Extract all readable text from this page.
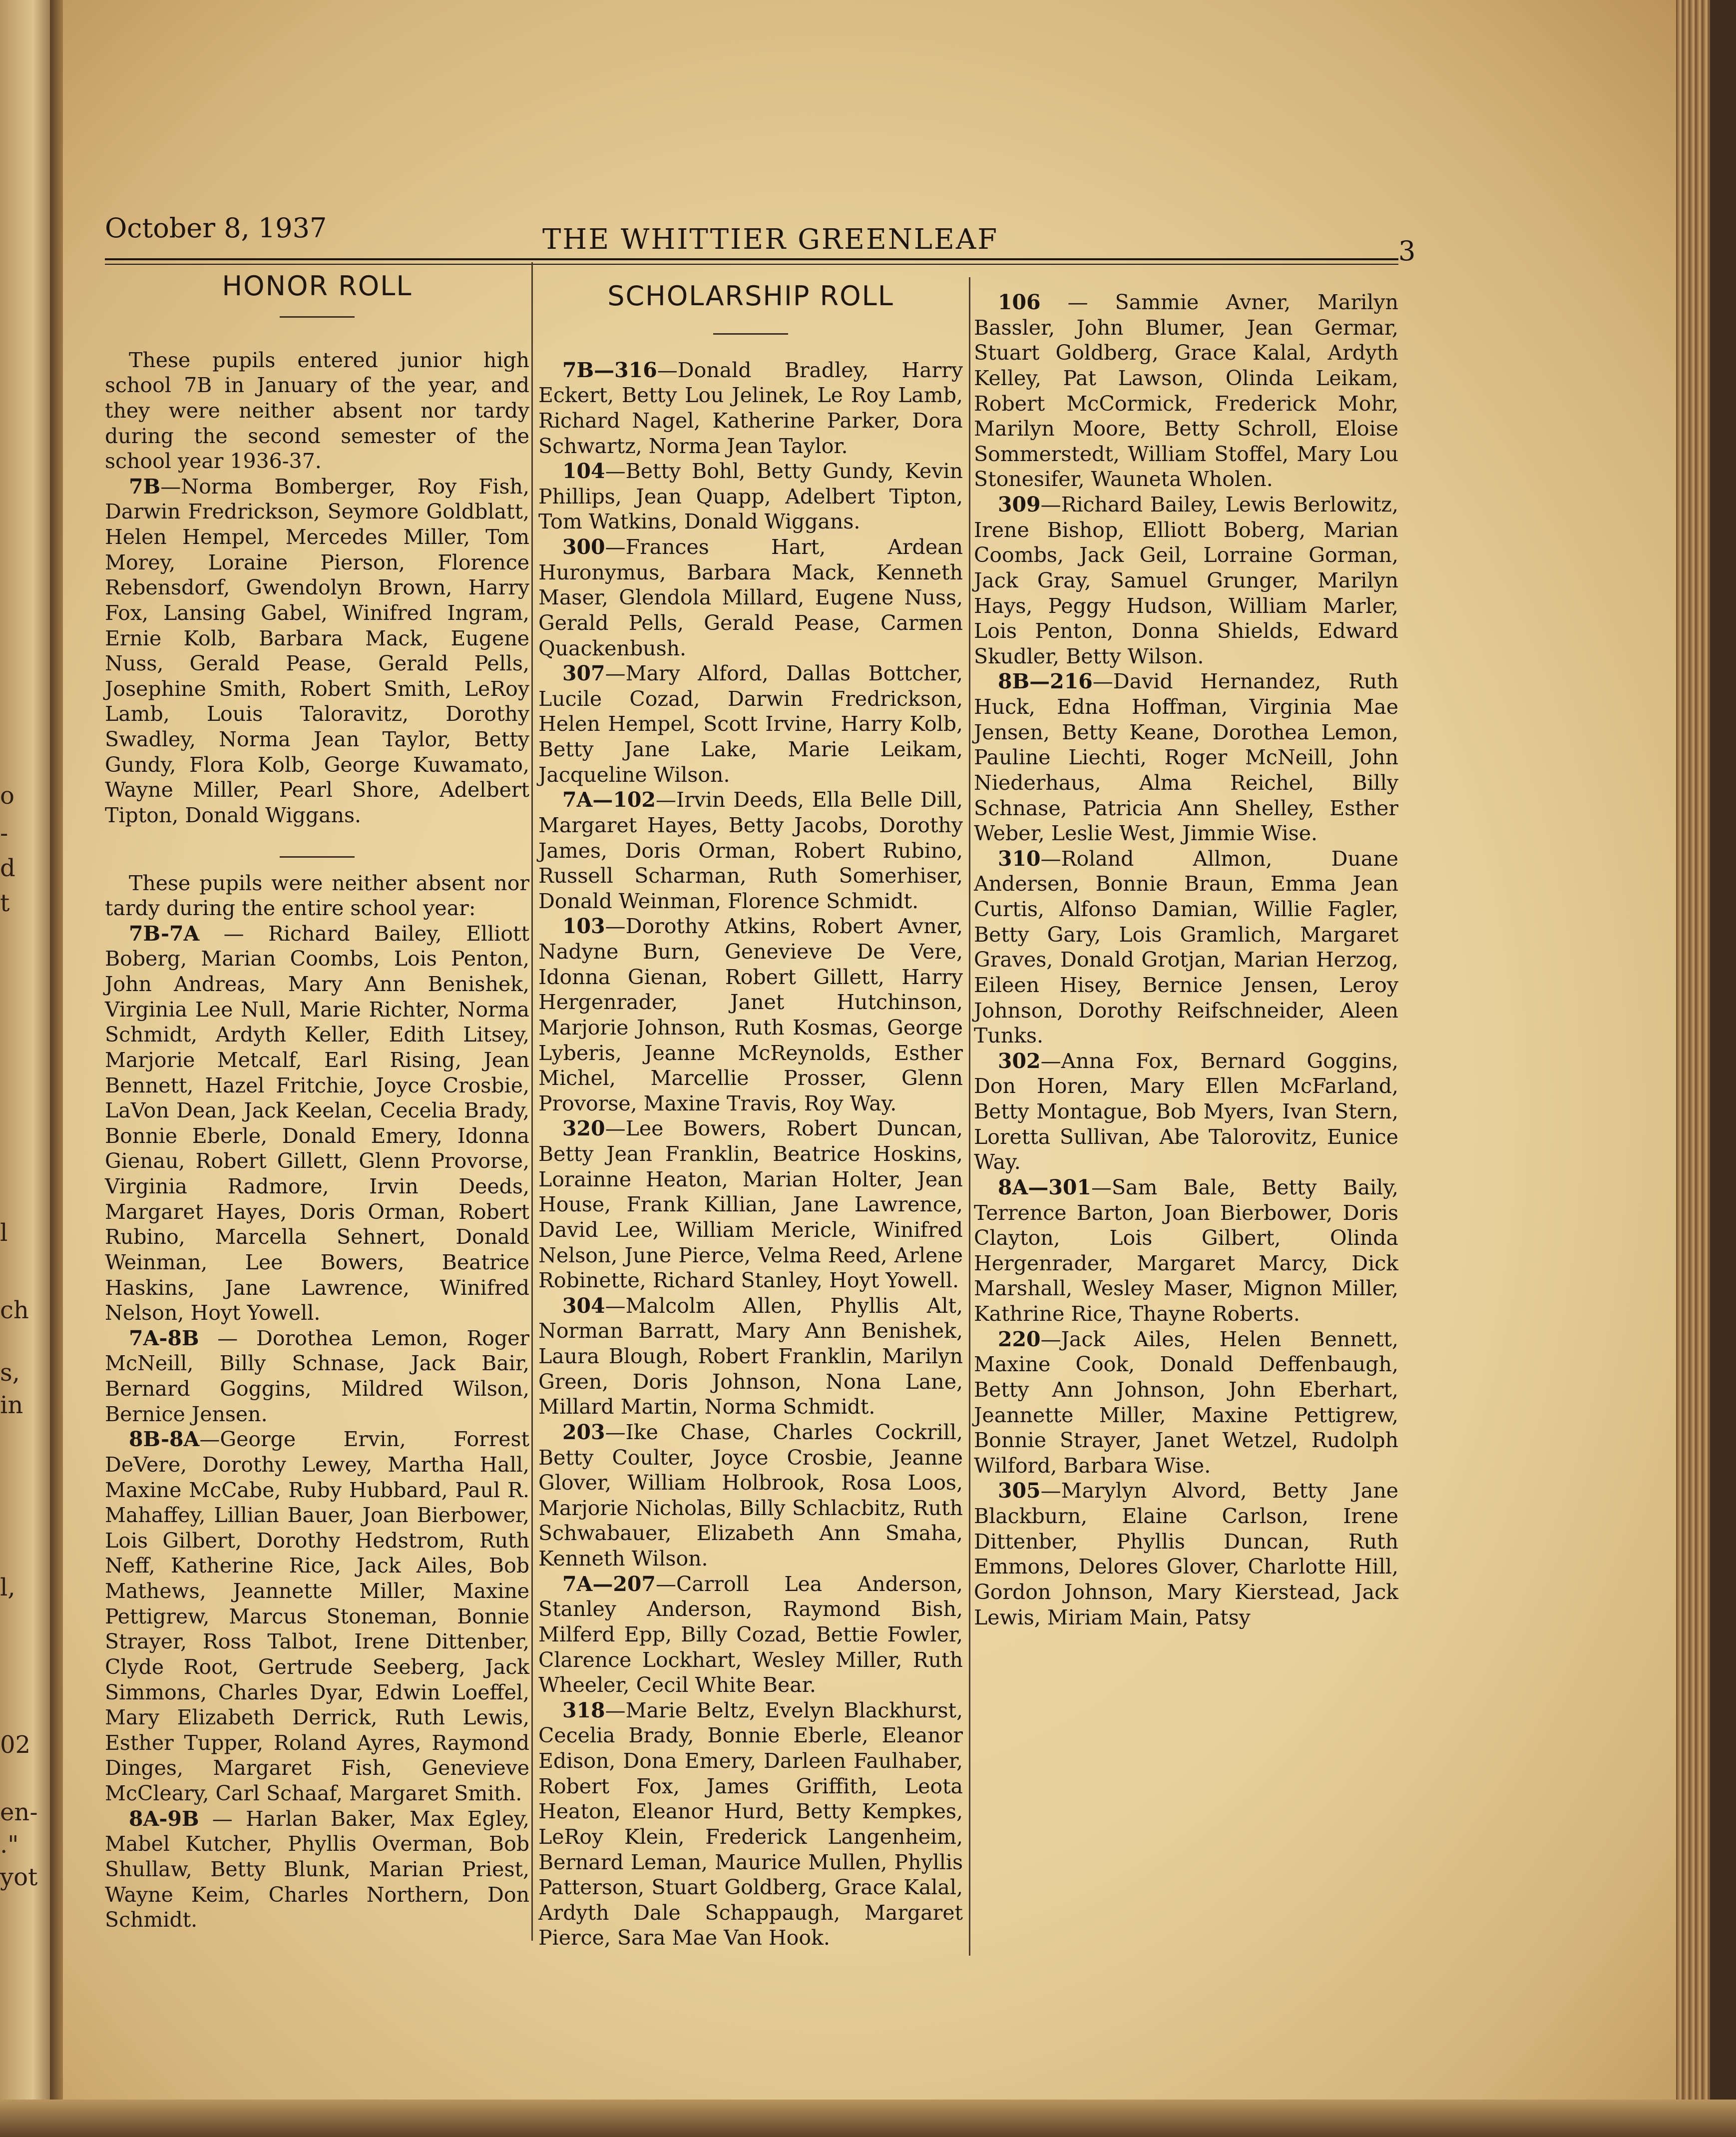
o
-
d
t
l
ch
s,
in
l,
02
en-
."
yot
October 8, 1937	THE WHITTIER GREENLEAF	3
HONOR ROLL

These pupils entered junior high school 7B in January of the year, and they were neither absent nor tardy during the second semester of the school year 1936-37.

7B—Norma Bomberger, Roy Fish, Darwin Fredrickson, Seymore Goldblatt, Helen Hempel, Mercedes Miller, Tom Morey, Loraine Pierson, Florence Rebensdorf, Gwendolyn Brown, Harry Fox, Lansing Gabel, Winifred Ingram, Ernie Kolb, Barbara Mack, Eugene Nuss, Gerald Pease, Gerald Pells, Josephine Smith, Robert Smith, LeRoy Lamb, Louis Taloravitz, Dorothy Swadley, Norma Jean Taylor, Betty Gundy, Flora Kolb, George Kuwamato, Wayne Miller, Pearl Shore, Adelbert Tipton, Donald Wiggans.

These pupils were neither absent nor tardy during the entire school year:

7B-7A — Richard Bailey, Elliott Boberg, Marian Coombs, Lois Penton, John Andreas, Mary Ann Benishek, Virginia Lee Null, Marie Richter, Norma Schmidt, Ardyth Keller, Edith Litsey, Marjorie Metcalf, Earl Rising, Jean Bennett, Hazel Fritchie, Joyce Crosbie, LaVon Dean, Jack Keelan, Cecelia Brady, Bonnie Eberle, Donald Emery, Idonna Gienau, Robert Gillett, Glenn Provorse, Virginia Radmore, Irvin Deeds, Margaret Hayes, Doris Orman, Robert Rubino, Marcella Sehnert, Donald Weinman, Lee Bowers, Beatrice Haskins, Jane Lawrence, Winifred Nelson, Hoyt Yowell.

7A-8B — Dorothea Lemon, Roger McNeill, Billy Schnase, Jack Bair, Bernard Goggins, Mildred Wilson, Bernice Jensen.

8B-8A—George Ervin, Forrest DeVere, Dorothy Lewey, Martha Hall, Maxine McCabe, Ruby Hubbard, Paul R. Mahaffey, Lillian Bauer, Joan Bierbower, Lois Gilbert, Dorothy Hedstrom, Ruth Neff, Katherine Rice, Jack Ailes, Bob Mathews, Jeannette Miller, Maxine Pettigrew, Marcus Stoneman, Bonnie Strayer, Ross Talbot, Irene Dittenber, Clyde Root, Gertrude Seeberg, Jack Simmons, Charles Dyar, Edwin Loeffel, Mary Elizabeth Derrick, Ruth Lewis, Esther Tupper, Roland Ayres, Raymond Dinges, Margaret Fish, Genevieve McCleary, Carl Schaaf, Margaret Smith.

8A-9B — Harlan Baker, Max Egley, Mabel Kutcher, Phyllis Overman, Bob Shullaw, Betty Blunk, Marian Priest, Wayne Keim, Charles Northern, Don Schmidt.

SCHOLARSHIP ROLL

7B—316—Donald Bradley, Harry Eckert, Betty Lou Jelinek, Le Roy Lamb, Richard Nagel, Katherine Parker, Dora Schwartz, Norma Jean Taylor.

104—Betty Bohl, Betty Gundy, Kevin Phillips, Jean Quapp, Adelbert Tipton, Tom Watkins, Donald Wiggans.

300—Frances Hart, Ardean Huronymus, Barbara Mack, Kenneth Maser, Glendola Millard, Eugene Nuss, Gerald Pells, Gerald Pease, Carmen Quackenbush.

307—Mary Alford, Dallas Bottcher, Lucile Cozad, Darwin Fredrickson, Helen Hempel, Scott Irvine, Harry Kolb, Betty Jane Lake, Marie Leikam, Jacqueline Wilson.

7A—102—Irvin Deeds, Ella Belle Dill, Margaret Hayes, Betty Jacobs, Dorothy James, Doris Orman, Robert Rubino, Russell Scharman, Ruth Somerhiser, Donald Weinman, Florence Schmidt.

103—Dorothy Atkins, Robert Avner, Nadyne Burn, Genevieve De Vere, Idonna Gienan, Robert Gillett, Harry Hergenrader, Janet Hutchinson, Marjorie Johnson, Ruth Kosmas, George Lyberis, Jeanne McReynolds, Esther Michel, Marcellie Prosser, Glenn Provorse, Maxine Travis, Roy Way.

320—Lee Bowers, Robert Duncan, Betty Jean Franklin, Beatrice Hoskins, Lorainne Heaton, Marian Holter, Jean House, Frank Killian, Jane Lawrence, David Lee, William Mericle, Winifred Nelson, June Pierce, Velma Reed, Arlene Robinette, Richard Stanley, Hoyt Yowell.

304—Malcolm Allen, Phyllis Alt, Norman Barratt, Mary Ann Benishek, Laura Blough, Robert Franklin, Marilyn Green, Doris Johnson, Nona Lane, Millard Martin, Norma Schmidt.

203—Ike Chase, Charles Cockrill, Betty Coulter, Joyce Crosbie, Jeanne Glover, William Holbrook, Rosa Loos, Marjorie Nicholas, Billy Schlacbitz, Ruth Schwabauer, Elizabeth Ann Smaha, Kenneth Wilson.

7A—207—Carroll Lea Anderson, Stanley Anderson, Raymond Bish, Milferd Epp, Billy Cozad, Bettie Fowler, Clarence Lockhart, Wesley Miller, Ruth Wheeler, Cecil White Bear.

318—Marie Beltz, Evelyn Blackhurst, Cecelia Brady, Bonnie Eberle, Eleanor Edison, Dona Emery, Darleen Faulhaber, Robert Fox, James Griffith, Leota Heaton, Eleanor Hurd, Betty Kempkes, LeRoy Klein, Frederick Langenheim, Bernard Leman, Maurice Mullen, Phyllis Patterson, Stuart Goldberg, Grace Kalal, Ardyth Dale Schappaugh, Margaret Pierce, Sara Mae Van Hook.

106 — Sammie Avner, Marilyn Bassler, John Blumer, Jean Germar, Stuart Goldberg, Grace Kalal, Ardyth Kelley, Pat Lawson, Olinda Leikam, Robert McCormick, Frederick Mohr, Marilyn Moore, Betty Schroll, Eloise Sommerstedt, William Stoffel, Mary Lou Stonesifer, Wauneta Wholen.

309—Richard Bailey, Lewis Berlowitz, Irene Bishop, Elliott Boberg, Marian Coombs, Jack Geil, Lorraine Gorman, Jack Gray, Samuel Grunger, Marilyn Hays, Peggy Hudson, William Marler, Lois Penton, Donna Shields, Edward Skudler, Betty Wilson.

8B—216—David Hernandez, Ruth Huck, Edna Hoffman, Virginia Mae Jensen, Betty Keane, Dorothea Lemon, Pauline Liechti, Roger McNeill, John Niederhaus, Alma Reichel, Billy Schnase, Patricia Ann Shelley, Esther Weber, Leslie West, Jimmie Wise.

310—Roland Allmon, Duane Andersen, Bonnie Braun, Emma Jean Curtis, Alfonso Damian, Willie Fagler, Betty Gary, Lois Gramlich, Margaret Graves, Donald Grotjan, Marian Herzog, Eileen Hisey, Bernice Jensen, Leroy Johnson, Dorothy Reifschneider, Aleen Tunks.

302—Anna Fox, Bernard Goggins, Don Horen, Mary Ellen McFarland, Betty Montague, Bob Myers, Ivan Stern, Loretta Sullivan, Abe Talorovitz, Eunice Way.

8A—301—Sam Bale, Betty Baily, Terrence Barton, Joan Bierbower, Doris Clayton, Lois Gilbert, Olinda Hergenrader, Margaret Marcy, Dick Marshall, Wesley Maser, Mignon Miller, Kathrine Rice, Thayne Roberts.

220—Jack Ailes, Helen Bennett, Maxine Cook, Donald Deffenbaugh, Betty Ann Johnson, John Eberhart, Jeannette Miller, Maxine Pettigrew, Bonnie Strayer, Janet Wetzel, Rudolph Wilford, Barbara Wise.

305—Marylyn Alvord, Betty Jane Blackburn, Elaine Carlson, Irene Dittenber, Phyllis Duncan, Ruth Emmons, Delores Glover, Charlotte Hill, Gordon Johnson, Mary Kierstead, Jack Lewis, Miriam Main, Patsy
